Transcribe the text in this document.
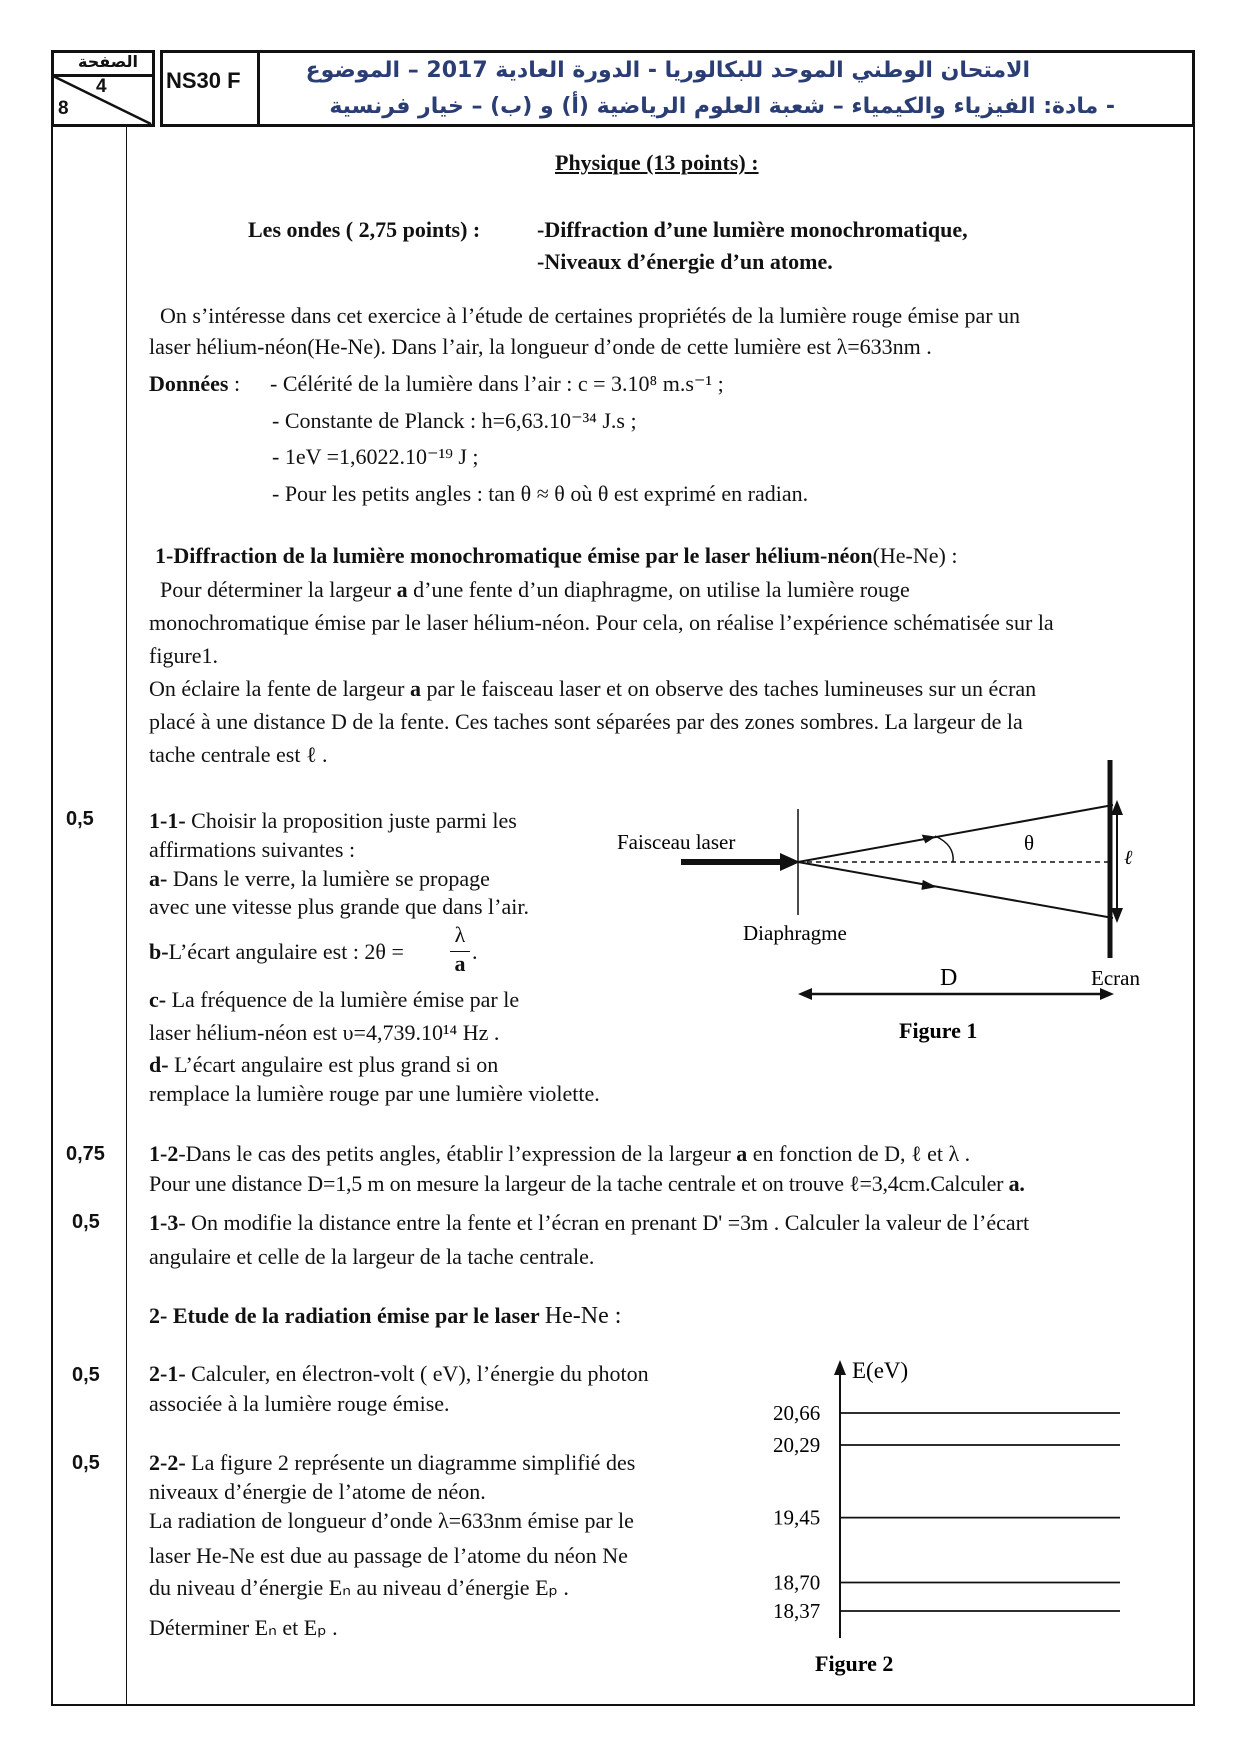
الصفحة
4
8
NS30 F	الامتحان الوطني الموحد للبكالوريا - الدورة العادية 2017 – الموضوع
- مادة: الفيزياء والكيمياء – شعبة العلوم الرياضية (أ) و (ب) – خيار فرنسية
Physique (13 points) :
Les ondes ( 2,75 points) :	-Diffraction d’une lumière monochromatique,
-Niveaux d’énergie d’un atome.
On s’intéresse dans cet exercice à l’étude de certaines propriétés de la lumière rouge émise par un
laser hélium-néon(He-Ne). Dans l’air, la longueur d’onde de cette lumière est λ=633nm .
Données : - Célérité de la lumière dans l’air : c = 3.10⁸ m.s⁻¹ ;
- Constante de Planck : h=6,63.10⁻³⁴ J.s ;
- 1eV =1,6022.10⁻¹⁹ J ;
- Pour les petits angles : tan θ ≈ θ où θ est exprimé en radian.
1-Diffraction de la lumière monochromatique émise par le laser hélium-néon(He-Ne) :
Pour déterminer la largeur a d’une fente d’un diaphragme, on utilise la lumière rouge
monochromatique émise par le laser hélium-néon. Pour cela, on réalise l’expérience schématisée sur la
figure1.
On éclaire la fente de largeur a par le faisceau laser et on observe des taches lumineuses sur un écran
placé à une distance D de la fente. Ces taches sont séparées par des zones sombres. La largeur de la
tache centrale est ℓ .
0,5	1-1- Choisir la proposition juste parmi les
affirmations suivantes :
a- Dans le verre, la lumière se propage
avec une vitesse plus grande que dans l’air.
b-L’écart angulaire est : 2θ =
λ
a .
c- La fréquence de la lumière émise par le
laser hélium-néon est υ=4,739.10¹⁴ Hz .
d- L’écart angulaire est plus grand si on
remplace la lumière rouge par une lumière violette.
0,75 1-2-Dans le cas des petits angles, établir l’expression de la largeur a en fonction de D, ℓ et λ .
Pour une distance D=1,5 m on mesure la largeur de la tache centrale et on trouve ℓ=3,4cm.Calculer a.
0,5 1-3- On modifie la distance entre la fente et l’écran en prenant D' =3m . Calculer la valeur de l’écart
angulaire et celle de la largeur de la tache centrale.
2- Etude de la radiation émise par le laser He-Ne :
0,5 2-1- Calculer, en électron-volt ( eV), l’énergie du photon
associée à la lumière rouge émise.
0,5 2-2- La figure 2 représente un diagramme simplifié des
niveaux d’énergie de l’atome de néon.
La radiation de longueur d’onde λ=633nm émise par le
laser He-Ne est due au passage de l’atome du néon Ne
du niveau d’énergie Eₙ au niveau d’énergie Eₚ .
Déterminer Eₙ et Eₚ .
Faisceau laser
Diaphragme
D	Ecran
θ
ℓ
Figure 1
E(eV)
Figure 2
20,66
20,29
19,45
18,70
18,37
